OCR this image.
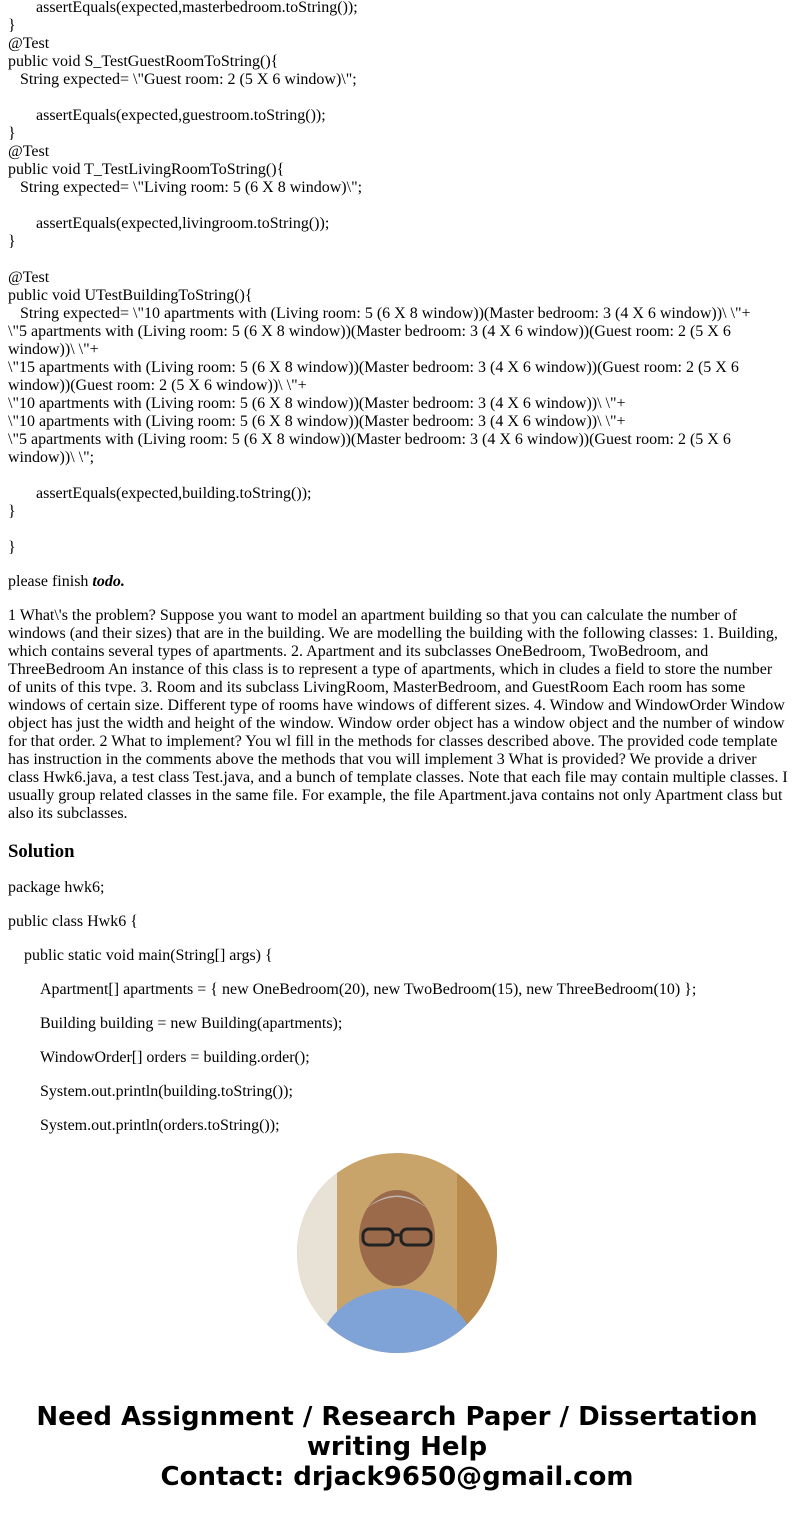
assertEquals(expected,masterbedroom.toString());
}
@Test
public void S_TestGuestRoomToString(){
String expected= \"Guest room: 2 (5 X 6 window)\";
assertEquals(expected,guestroom.toString());
}
@Test
public void T_TestLivingRoomToString(){
String expected= \"Living room: 5 (6 X 8 window)\";
assertEquals(expected,livingroom.toString());
}
@Test
public void UTestBuildingToString(){
String expected= \"10 apartments with (Living room: 5 (6 X 8 window))(Master bedroom: 3 (4 X 6 window))\ \"+
\"5 apartments with (Living room: 5 (6 X 8 window))(Master bedroom: 3 (4 X 6 window))(Guest room: 2 (5 X 6 window))\ \"+
\"15 apartments with (Living room: 5 (6 X 8 window))(Master bedroom: 3 (4 X 6 window))(Guest room: 2 (5 X 6 window))(Guest room: 2 (5 X 6 window))\ \"+
\"10 apartments with (Living room: 5 (6 X 8 window))(Master bedroom: 3 (4 X 6 window))\ \"+
\"10 apartments with (Living room: 5 (6 X 8 window))(Master bedroom: 3 (4 X 6 window))\ \"+
\"5 apartments with (Living room: 5 (6 X 8 window))(Master bedroom: 3 (4 X 6 window))(Guest room: 2 (5 X 6 window))\ \";
assertEquals(expected,building.toString());
}
}

please finish todo.

1 What\'s the problem? Suppose you want to model an apartment building so that you can calculate the number of windows (and their sizes) that are in the building. We are modelling the building with the following classes: 1. Building, which contains several types of apartments. 2. Apartment and its subclasses OneBedroom, TwoBedroom, and ThreeBedroom An instance of this class is to represent a type of apartments, which in cludes a field to store the number of units of this tvpe. 3. Room and its subclass LivingRoom, MasterBedroom, and GuestRoom Each room has some windows of certain size. Different type of rooms have windows of different sizes. 4. Window and WindowOrder Window object has just the width and height of the window. Window order object has a window object and the number of window for that order. 2 What to implement? You wl fill in the methods for classes described above. The provided code template has instruction in the comments above the methods that vou will implement 3 What is provided? We provide a driver class Hwk6.java, a test class Test.java, and a bunch of template classes. Note that each file may contain multiple classes. I usually group related classes in the same file. For example, the file Apartment.java contains not only Apartment class but also its subclasses.

Solution

package hwk6;

public class Hwk6 {

public static void main(String[] args) {

Apartment[] apartments = { new OneBedroom(20), new TwoBedroom(15), new ThreeBedroom(10) };

Building building = new Building(apartments);

WindowOrder[] orders = building.order();

System.out.println(building.toString());

System.out.println(orders.toString());

Need Assignment / Research Paper / Dissertation writing Help
Contact: drjack9650@gmail.com
